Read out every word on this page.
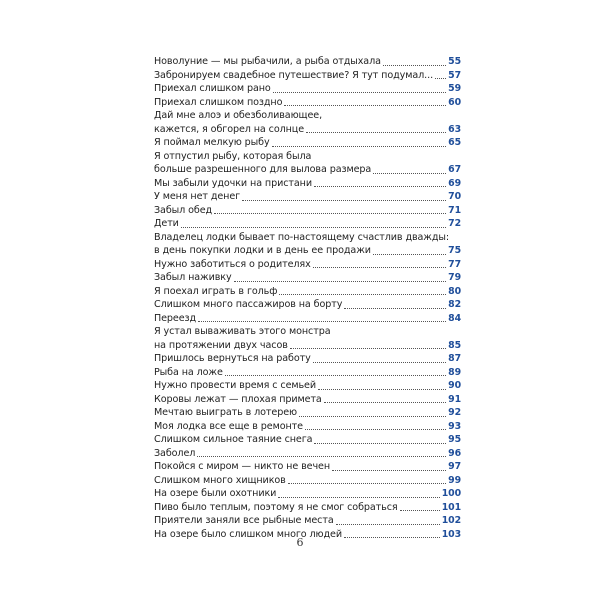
Новолуние — мы рыбачили, а рыба отдыхала	55
Забронируем свадебное путешествие? Я тут подумал... 57
Приехал слишком рано	59
Приехал слишком поздно	60
Дай мне алоэ и обезболивающее,
кажется, я обгорел на солнце	63
Я поймал мелкую рыбу	65
Я отпустил рыбу, которая была
больше разрешенного для вылова размера	67
Мы забыли удочки на пристани	69
У меня нет денег	70
Забыл обед	71
Дети	72
Владелец лодки бывает по-настоящему счастлив дважды:
в день покупки лодки и в день ее продажи	75
Нужно заботиться о родителях	77
Забыл наживку	79
Я поехал играть в гольф	80
Слишком много пассажиров на борту	82
Переезд	84
Я устал вываживать этого монстра
на протяжении двух часов	85
Пришлось вернуться на работу	87
Рыба на ложе	89
Нужно провести время с семьей	90
Коровы лежат — плохая примета	91
Мечтаю выиграть в лотерею	92
Моя лодка все еще в ремонте	93
Слишком сильное таяние снега	95
Заболел	96
Покойся с миром — никто не вечен	97
Слишком много хищников	99
На озере были охотники	100
Пиво было теплым, поэтому я не смог собраться	101
Приятели заняли все рыбные места	102
На озере было слишком много людей	103
6
